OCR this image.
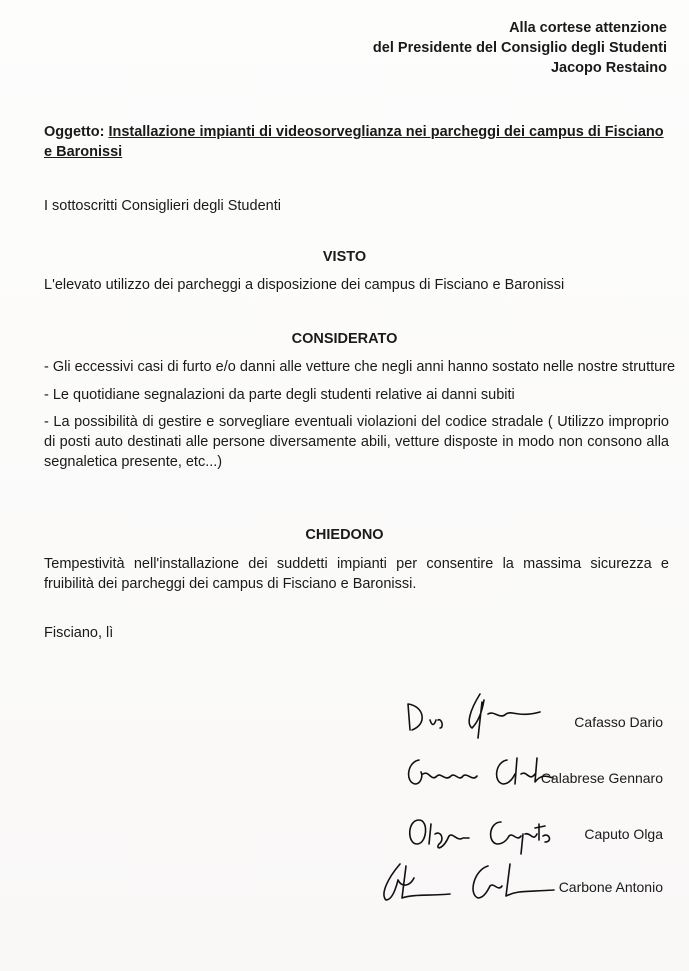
Alla cortese attenzione
del Presidente del Consiglio degli Studenti
Jacopo Restaino
Oggetto: Installazione impianti di videosorveglianza nei parcheggi dei campus di Fisciano e Baronissi
I sottoscritti Consiglieri degli Studenti
VISTO
L'elevato utilizzo dei parcheggi a disposizione dei campus di Fisciano e Baronissi
CONSIDERATO
- Gli eccessivi casi di furto e/o danni alle vetture che negli anni hanno sostato nelle nostre strutture
- Le quotidiane segnalazioni da parte degli studenti relative ai danni subiti
- La possibilità di gestire e sorvegliare eventuali violazioni del codice stradale ( Utilizzo improprio di posti auto destinati alle persone diversamente abili, vetture disposte in modo non consono alla segnaletica presente, etc...)
CHIEDONO
Tempestività nell'installazione dei suddetti impianti per consentire la massima sicurezza e fruibilità dei parcheggi dei campus di Fisciano e Baronissi.
Fisciano, lì
Cafasso Dario
Calabrese Gennaro
Caputo Olga
Carbone Antonio
